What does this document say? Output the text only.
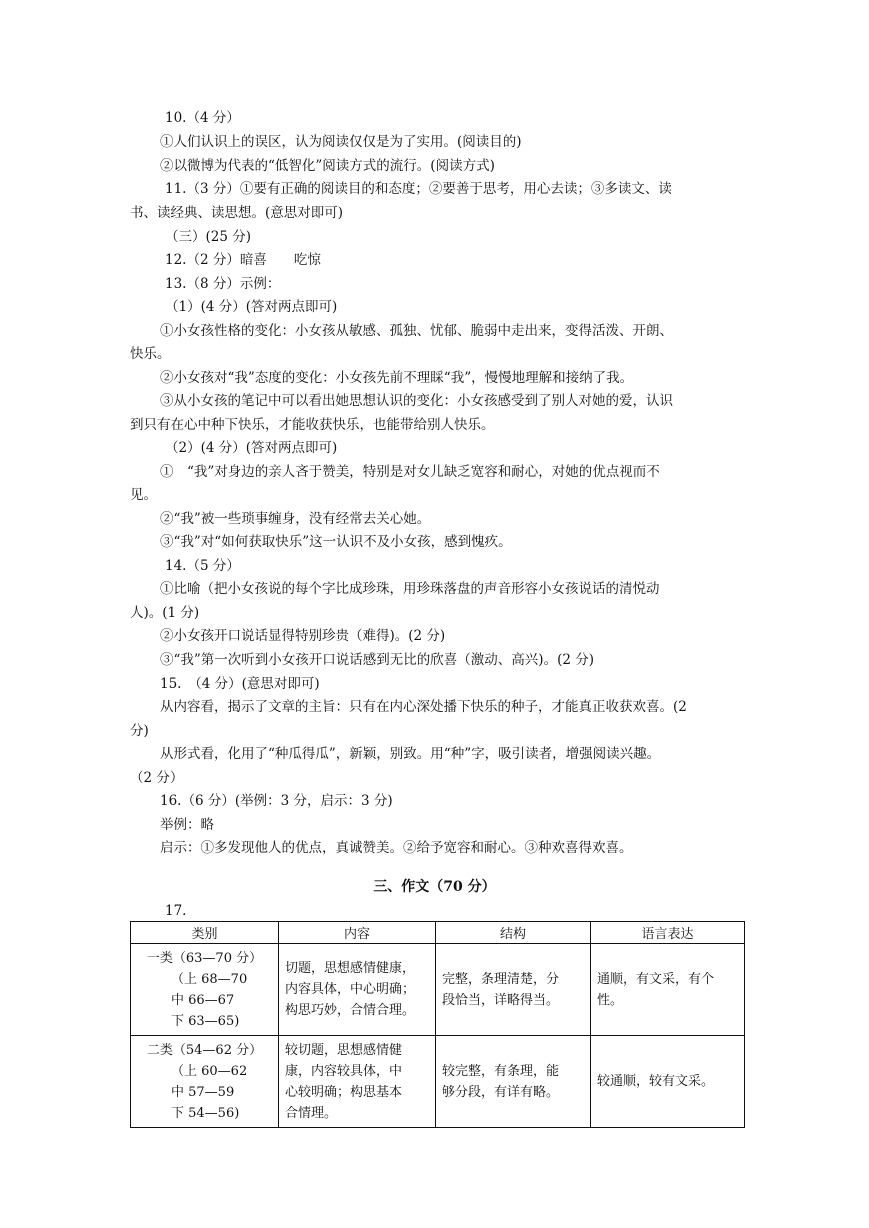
10.（4 分）
①人们认识上的误区，认为阅读仅仅是为了实用。(阅读目的)
②以微博为代表的“低智化”阅读方式的流行。(阅读方式)
11.（3 分）①要有正确的阅读目的和态度；②要善于思考，用心去读；③多读文、读
书、读经典、读思想。(意思对即可)
（三）(25 分)
12.（2 分）暗喜　　吃惊
13.（8 分）示例：
（1）(4 分）(答对两点即可)
①小女孩性格的变化：小女孩从敏感、孤独、忧郁、脆弱中走出来，变得活泼、开朗、
快乐。
②小女孩对“我”态度的变化：小女孩先前不理睬“我”，慢慢地理解和接纳了我。
③从小女孩的笔记中可以看出她思想认识的变化：小女孩感受到了别人对她的爱，认识
到只有在心中种下快乐，才能收获快乐，也能带给别人快乐。
（2）(4 分）(答对两点即可)
①　“我”对身边的亲人吝于赞美，特别是对女儿缺乏宽容和耐心，对她的优点视而不
见。
②“我”被一些琐事缠身，没有经常去关心她。
③“我”对“如何获取快乐”这一认识不及小女孩，感到愧疚。
14.（5 分）
①比喻（把小女孩说的每个字比成珍珠，用珍珠落盘的声音形容小女孩说话的清悦动
人)。(1 分)
②小女孩开口说话显得特别珍贵（难得)。(2 分)
③“我”第一次听到小女孩开口说话感到无比的欣喜（激动、高兴)。(2 分)
15.　（4 分）(意思对即可)
从内容看，揭示了文章的主旨：只有在内心深处播下快乐的种子，才能真正收获欢喜。(2
分)
从形式看，化用了“种瓜得瓜”，新颖，别致。用“种”字，吸引读者，增强阅读兴趣。
（2 分）
16.（6 分）(举例：3 分，启示：3 分)
举例：略
启示：①多发现他人的优点，真诚赞美。②给予宽容和耐心。③种欢喜得欢喜。
三、作文（70 分）
17.
类别	内容	结构	语言表达

一类（63—70 分）
（上 68—70
中 66—67
下 63—65)	切题，思想感情健康，
内容具体，中心明确；
构思巧妙，合情合理。	完整，条理清楚，分
段恰当，详略得当。	通顺，有文采，有个
性。

二类（54—62 分）
（上 60—62
中 57—59
下 54—56)	较切题，思想感情健
康，内容较具体，中
心较明确；构思基本
合情理。	较完整，有条理，能
够分段，有详有略。	较通顺，较有文采。
